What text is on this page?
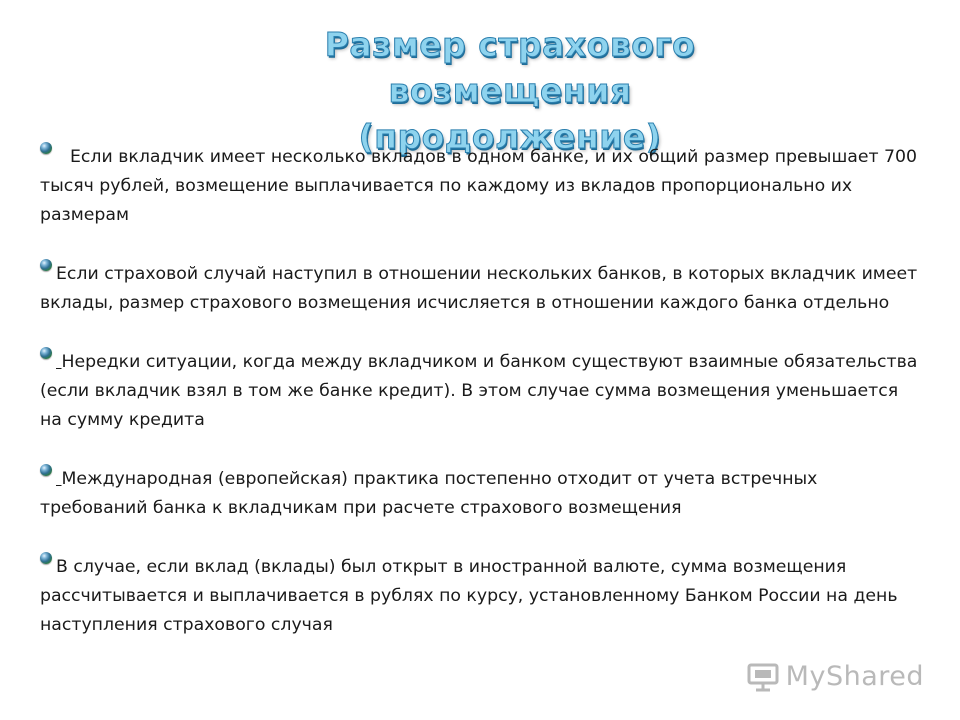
Размер страхового возмещения
(продолжение)

Если вкладчик имеет несколько вкладов в одном банке, и их общий размер превышает 700 тысяч рублей, возмещение выплачивается по каждому из вкладов пропорционально их размерам

Если страховой случай наступил в отношении нескольких банков, в которых вкладчик имеет вклады, размер страхового возмещения исчисляется в отношении каждого банка отдельно

Нередки ситуации, когда между вкладчиком и банком существуют взаимные обязательства (если вкладчик взял в том же банке кредит). В этом случае сумма возмещения уменьшается на сумму кредита

Международная (европейская) практика постепенно отходит от учета встречных требований банка к вкладчикам при расчете страхового возмещения

В случае, если вклад (вклады) был открыт в иностранной валюте, сумма возмещения рассчитывается и выплачивается в рублях по курсу, установленному Банком России на день наступления страхового случая

MyShared
